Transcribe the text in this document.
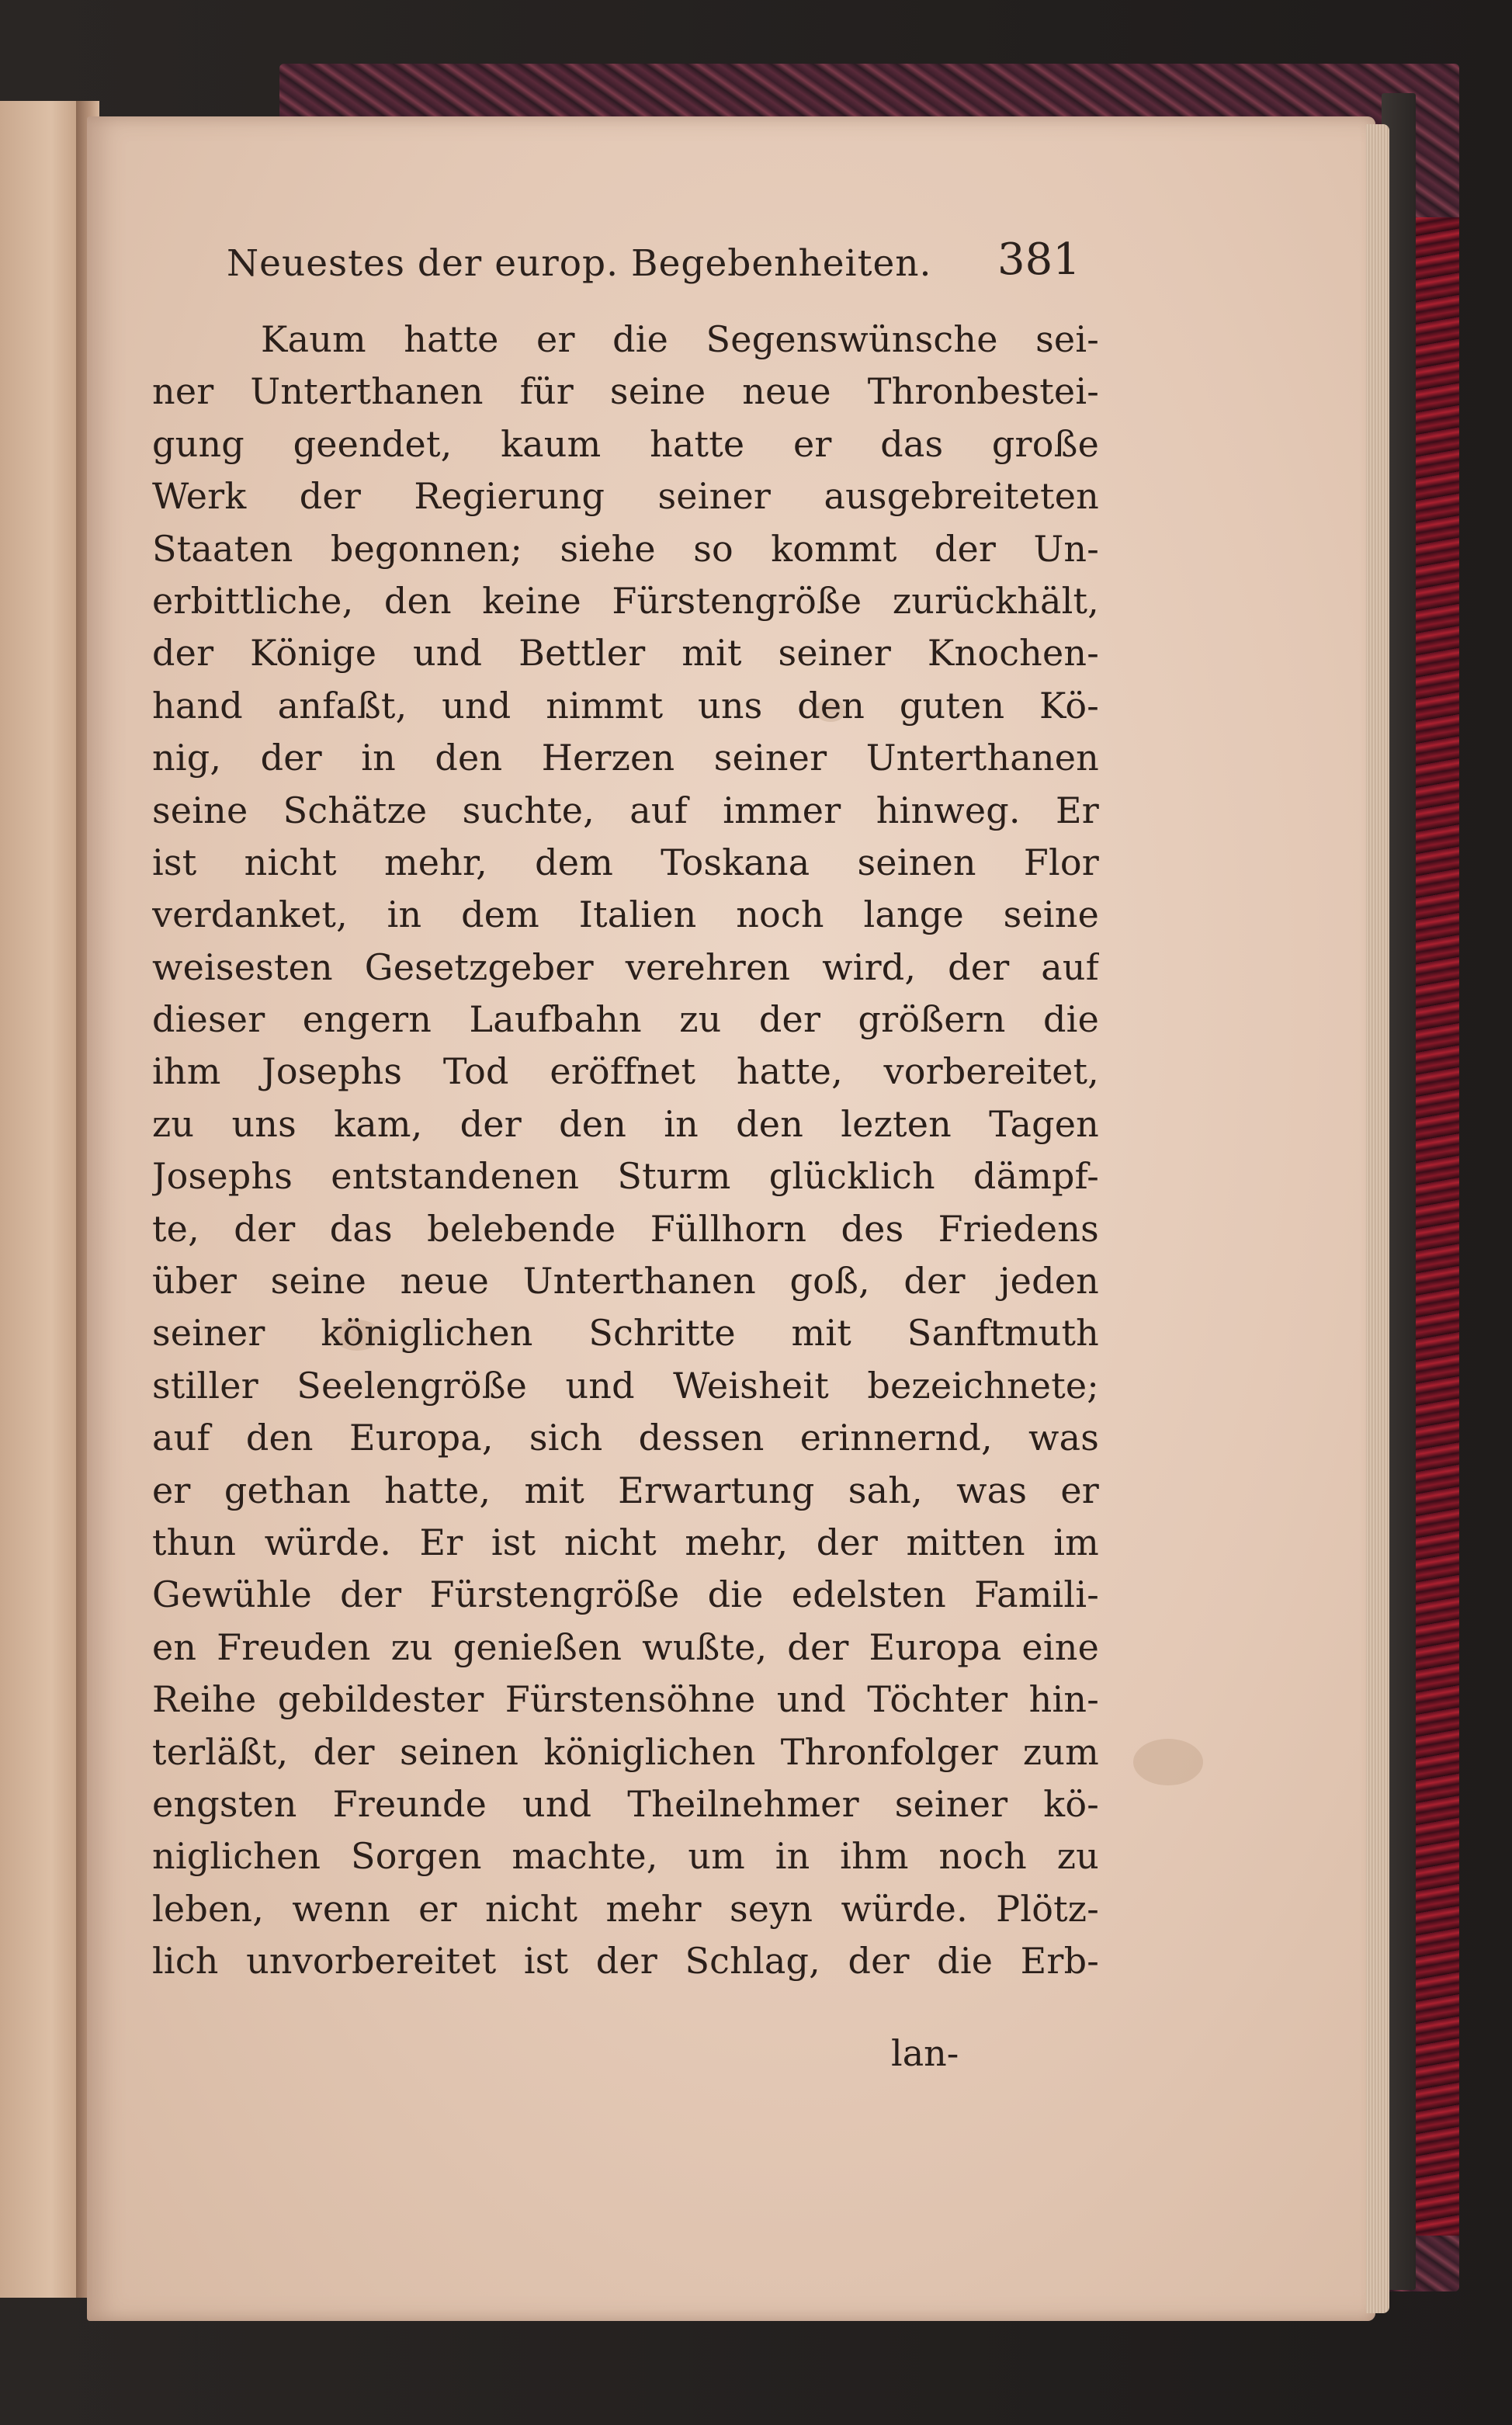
Neuestes der europ. Begebenheiten.	381
Kaum hatte er die Segenswünsche sei-
ner Unterthanen für seine neue Thronbestei-
gung geendet, kaum hatte er das große
Werk der Regierung seiner ausgebreiteten
Staaten begonnen; siehe so kommt der Un-
erbittliche, den keine Fürstengröße zurückhält,
der Könige und Bettler mit seiner Knochen-
hand anfaßt, und nimmt uns den guten Kö-
nig, der in den Herzen seiner Unterthanen
seine Schätze suchte, auf immer hinweg. Er
ist nicht mehr, dem Toskana seinen Flor
verdanket, in dem Italien noch lange seine
weisesten Gesetzgeber verehren wird, der auf
dieser engern Laufbahn zu der größern die
ihm Josephs Tod eröffnet hatte, vorbereitet,
zu uns kam, der den in den lezten Tagen
Josephs entstandenen Sturm glücklich dämpf-
te, der das belebende Füllhorn des Friedens
über seine neue Unterthanen goß, der jeden
seiner königlichen Schritte mit Sanftmuth
stiller Seelengröße und Weisheit bezeichnete;
auf den Europa, sich dessen erinnernd, was
er gethan hatte, mit Erwartung sah, was er
thun würde. Er ist nicht mehr, der mitten im
Gewühle der Fürstengröße die edelsten Famili-
en Freuden zu genießen wußte, der Europa eine
Reihe gebildester Fürstensöhne und Töchter hin-
terläßt, der seinen königlichen Thronfolger zum
engsten Freunde und Theilnehmer seiner kö-
niglichen Sorgen machte, um in ihm noch zu
leben, wenn er nicht mehr seyn würde. Plötz-
lich unvorbereitet ist der Schlag, der die Erb-
lan-
